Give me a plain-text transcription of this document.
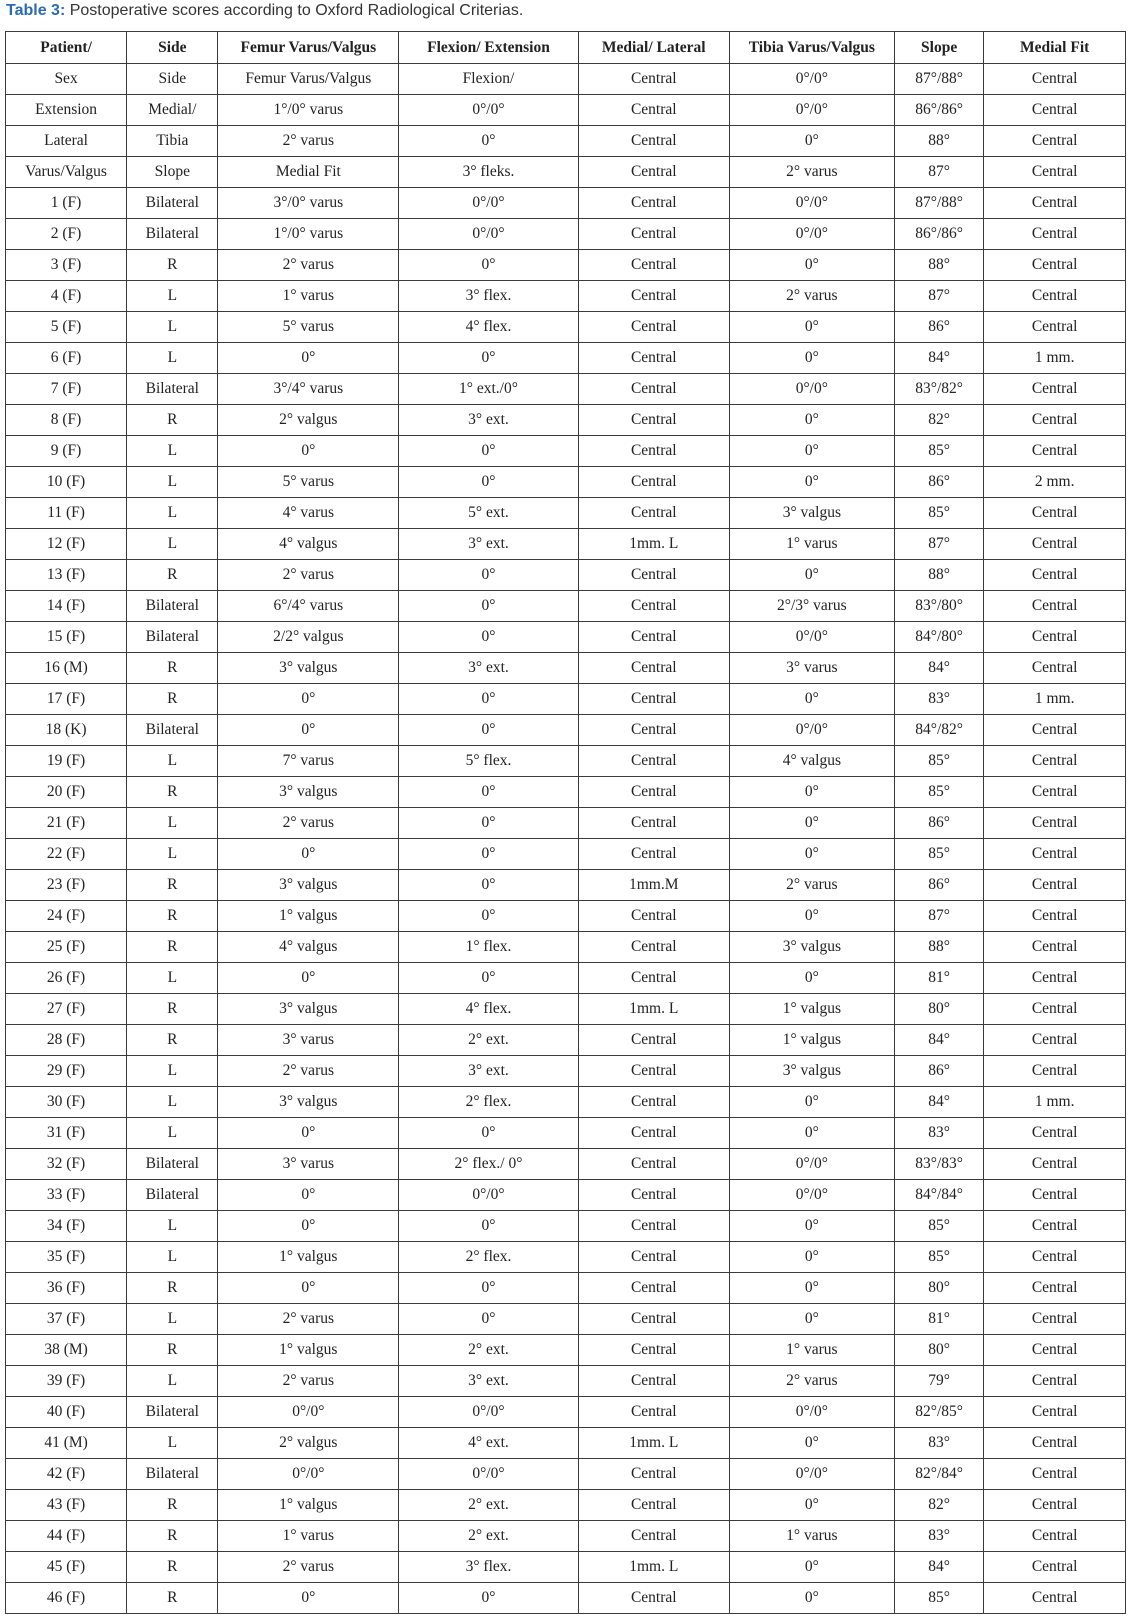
Table 3: Postoperative scores according to Oxford Radiological Criterias.
Patient/	Side	Femur Varus/Valgus	Flexion/ Extension	Medial/ Lateral	Tibia Varus/Valgus	Slope	Medial Fit
Sex	Side	Femur Varus/Valgus	Flexion/	Central	0°/0°	87°/88°	Central
Extension	Medial/	1°/0° varus	0°/0°	Central	0°/0°	86°/86°	Central
Lateral	Tibia	2° varus	0°	Central	0°	88°	Central
Varus/Valgus	Slope	Medial Fit	3° fleks.	Central	2° varus	87°	Central
1 (F)	Bilateral	3°/0° varus	0°/0°	Central	0°/0°	87°/88°	Central
2 (F)	Bilateral	1°/0° varus	0°/0°	Central	0°/0°	86°/86°	Central
3 (F)	R	2° varus	0°	Central	0°	88°	Central
4 (F)	L	1° varus	3° flex.	Central	2° varus	87°	Central
5 (F)	L	5° varus	4° flex.	Central	0°	86°	Central
6 (F)	L	0°	0°	Central	0°	84°	1 mm.
7 (F)	Bilateral	3°/4° varus	1° ext./0°	Central	0°/0°	83°/82°	Central
8 (F)	R	2° valgus	3° ext.	Central	0°	82°	Central
9 (F)	L	0°	0°	Central	0°	85°	Central
10 (F)	L	5° varus	0°	Central	0°	86°	2 mm.
11 (F)	L	4° varus	5° ext.	Central	3° valgus	85°	Central
12 (F)	L	4° valgus	3° ext.	1mm. L	1° varus	87°	Central
13 (F)	R	2° varus	0°	Central	0°	88°	Central
14 (F)	Bilateral	6°/4° varus	0°	Central	2°/3° varus	83°/80°	Central
15 (F)	Bilateral	2/2° valgus	0°	Central	0°/0°	84°/80°	Central
16 (M)	R	3° valgus	3° ext.	Central	3° varus	84°	Central
17 (F)	R	0°	0°	Central	0°	83°	1 mm.
18 (K)	Bilateral	0°	0°	Central	0°/0°	84°/82°	Central
19 (F)	L	7° varus	5° flex.	Central	4° valgus	85°	Central
20 (F)	R	3° valgus	0°	Central	0°	85°	Central
21 (F)	L	2° varus	0°	Central	0°	86°	Central
22 (F)	L	0°	0°	Central	0°	85°	Central
23 (F)	R	3° valgus	0°	1mm.M	2° varus	86°	Central
24 (F)	R	1° valgus	0°	Central	0°	87°	Central
25 (F)	R	4° valgus	1° flex.	Central	3° valgus	88°	Central
26 (F)	L	0°	0°	Central	0°	81°	Central
27 (F)	R	3° valgus	4° flex.	1mm. L	1° valgus	80°	Central
28 (F)	R	3° varus	2° ext.	Central	1° valgus	84°	Central
29 (F)	L	2° varus	3° ext.	Central	3° valgus	86°	Central
30 (F)	L	3° valgus	2° flex.	Central	0°	84°	1 mm.
31 (F)	L	0°	0°	Central	0°	83°	Central
32 (F)	Bilateral	3° varus	2° flex./ 0°	Central	0°/0°	83°/83°	Central
33 (F)	Bilateral	0°	0°/0°	Central	0°/0°	84°/84°	Central
34 (F)	L	0°	0°	Central	0°	85°	Central
35 (F)	L	1° valgus	2° flex.	Central	0°	85°	Central
36 (F)	R	0°	0°	Central	0°	80°	Central
37 (F)	L	2° varus	0°	Central	0°	81°	Central
38 (M)	R	1° valgus	2° ext.	Central	1° varus	80°	Central
39 (F)	L	2° varus	3° ext.	Central	2° varus	79°	Central
40 (F)	Bilateral	0°/0°	0°/0°	Central	0°/0°	82°/85°	Central
41 (M)	L	2° valgus	4° ext.	1mm. L	0°	83°	Central
42 (F)	Bilateral	0°/0°	0°/0°	Central	0°/0°	82°/84°	Central
43 (F)	R	1° valgus	2° ext.	Central	0°	82°	Central
44 (F)	R	1° varus	2° ext.	Central	1° varus	83°	Central
45 (F)	R	2° varus	3° flex.	1mm. L	0°	84°	Central
46 (F)	R	0°	0°	Central	0°	85°	Central
